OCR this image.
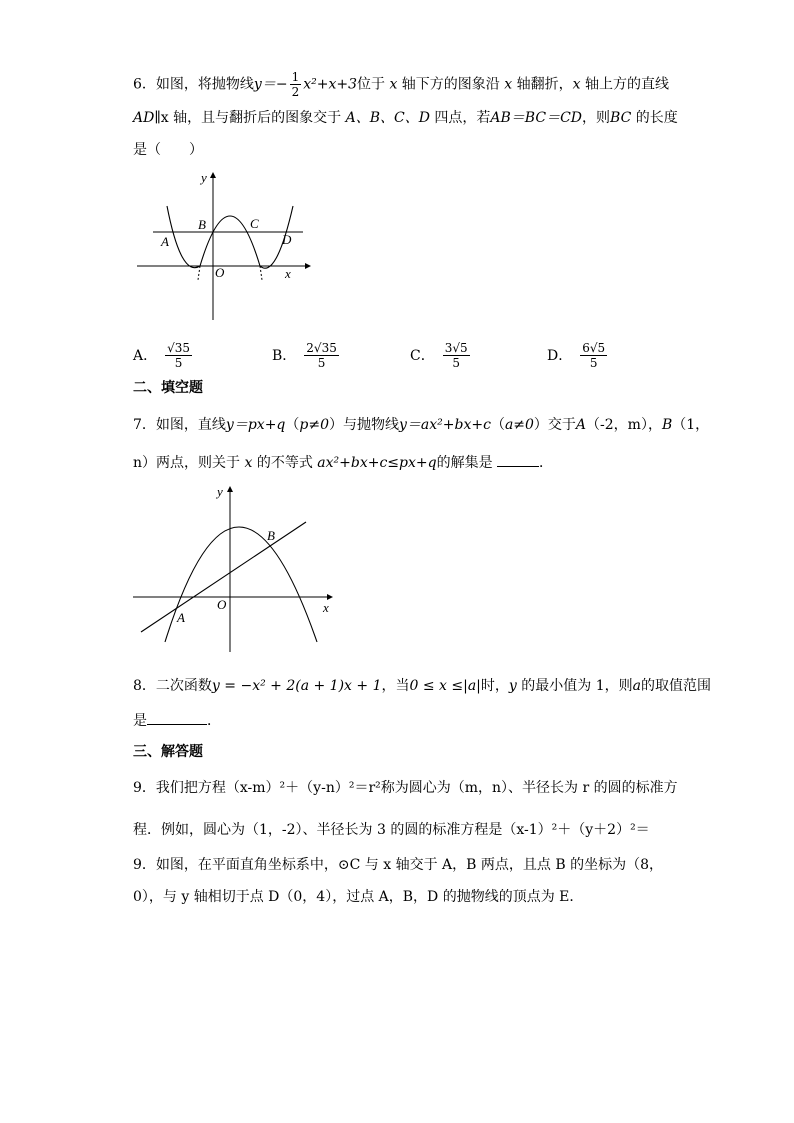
6．如图，将抛物线$y=- \frac{1}{2} x^2+x+3$位于 x 轴下方的图象沿 x 轴翻折，x 轴上方的直线
AD∥x 轴，且与翻折后的图象交于 A、B、C、D 四点，若AB＝BC＝CD，则BC 的长度
是（　　）
y
x
O
A
B	C
D
A． $\frac{√35}{5}$	B． $\frac{2√35}{5}$	C． $\frac{3√5}{5}$	D． $\frac{6√5}{5}$
二、填空题
7．如图，直线y＝px+q（p≠0）与抛物线y＝ax²+bx+c（a≠0）交于A（-2，m），B（1，
n）两点，则关于 x 的不等式 ax²+bx+c≤px+q的解集是	．
y
x
O
A
B
8．二次函数y = −x² + 2(a + 1)x + 1，当0 ≤ x ≤|a|时，y 的最小值为 1，则a的取值范围
是	．
三、解答题
9．我们把方程（x-m）²＋（y-n）²＝r²称为圆心为（m，n）、半径长为 r 的圆的标准方
程．例如，圆心为（1，-2）、半径长为 3 的圆的标准方程是（x-1）²＋（y＋2）²＝
9．如图，在平面直角坐标系中，⊙C 与 x 轴交于 A，B 两点，且点 B 的坐标为（8，
0），与 y 轴相切于点 D（0，4），过点 A，B，D 的抛物线的顶点为 E．
